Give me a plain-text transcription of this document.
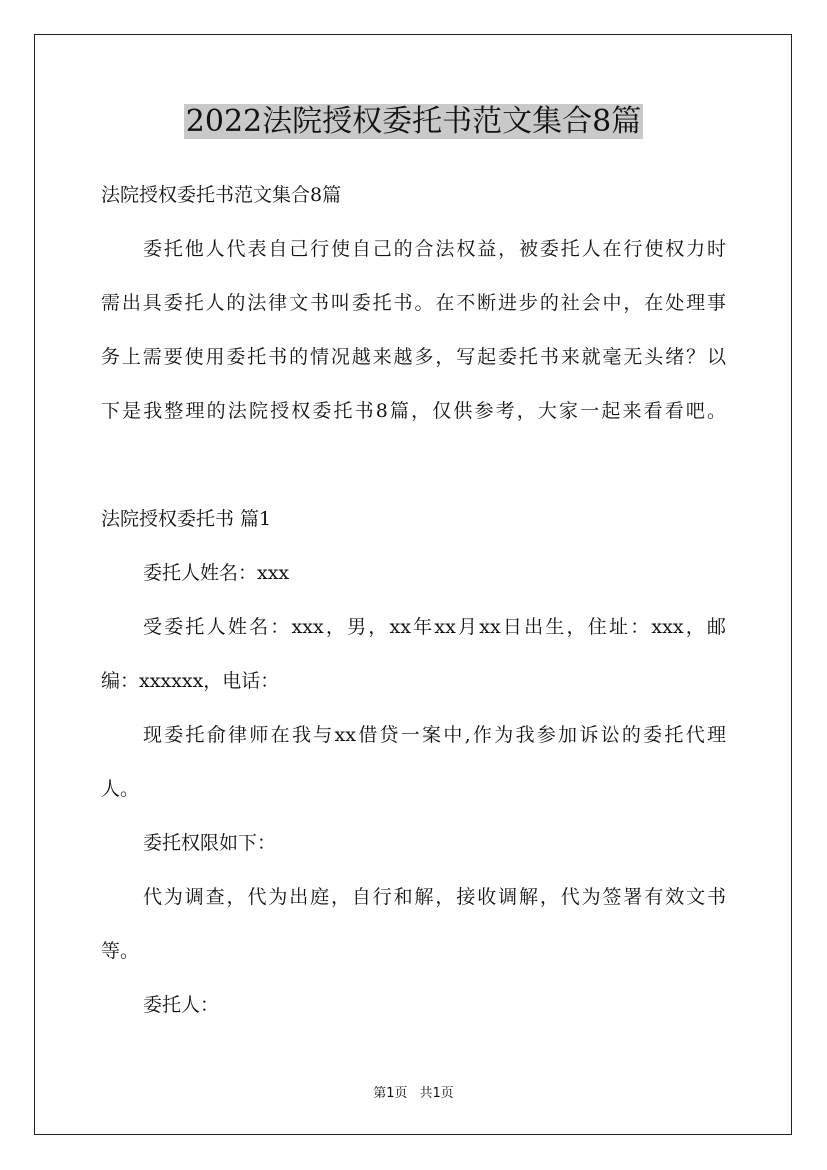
2022法院授权委托书范文集合8篇
法院授权委托书范文集合8篇
委托他人代表自己行使自己的合法权益，被委托人在行使权力时
需出具委托人的法律文书叫委托书。在不断进步的社会中，在处理事
务上需要使用委托书的情况越来越多，写起委托书来就毫无头绪？以
下是我整理的法院授权委托书8篇，仅供参考，大家一起来看看吧。
法院授权委托书 篇1
委托人姓名：xxx
受委托人姓名：xxx，男，xx年xx月xx日出生，住址：xxx，邮
编：xxxxxx，电话：
现委托俞律师在我与xx借贷一案中,作为我参加诉讼的委托代理
人。
委托权限如下：
代为调查，代为出庭，自行和解，接收调解，代为签署有效文书
等。
委托人：
第1页 共1页
